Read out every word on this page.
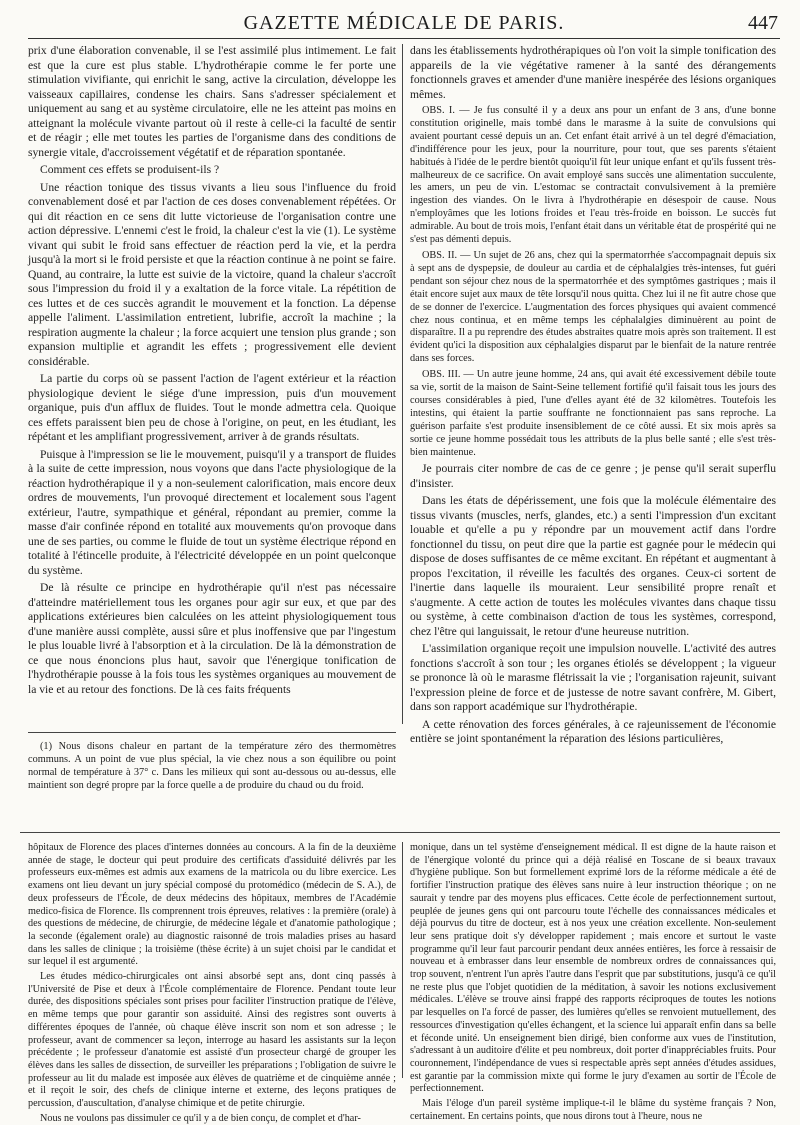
GAZETTE MÉDICALE DE PARIS.	447

prix d'une élaboration convenable, il se l'est assimilé plus intimement. Le fait est que la cure est plus stable. L'hydrothérapie comme le fer porte une stimulation vivifiante, qui enrichit le sang, active la circulation, développe les vaisseaux capillaires, condense les chairs. Sans s'adresser spécialement et uniquement au sang et au système circulatoire, elle ne les atteint pas moins en atteignant la molécule vivante partout où il reste à celle-ci la faculté de sentir et de réagir ; elle met toutes les parties de l'organisme dans des conditions de synergie vitale, d'accroissement végétatif et de réparation spontanée.

Comment ces effets se produisent-ils ?

Une réaction tonique des tissus vivants a lieu sous l'influence du froid convenablement dosé et par l'action de ces doses convenablement répétées. Or qui dit réaction en ce sens dit lutte victorieuse de l'organisation contre une action dépressive. L'ennemi c'est le froid, la chaleur c'est la vie (1). Le système vivant qui subit le froid sans effectuer de réaction perd la vie, et la perdra jusqu'à la mort si le froid persiste et que la réaction continue à ne point se faire. Quand, au contraire, la lutte est suivie de la victoire, quand la chaleur s'accroît sous l'impression du froid il y a exaltation de la force vitale. La répétition de ces luttes et de ces succès agrandit le mouvement et la fonction. La dépense appelle l'aliment. L'assimilation entretient, lubrifie, accroît la machine ; la respiration augmente la chaleur ; la force acquiert une tension plus grande ; son expansion multiplie et agrandit les effets ; progressivement elle devient considérable.

La partie du corps où se passent l'action de l'agent extérieur et la réaction physiologique devient le siége d'une impression, puis d'un mouvement organique, puis d'un afflux de fluides. Tout le monde admettra cela. Quoique ces effets paraissent bien peu de chose à l'origine, on peut, en les étudiant, les répétant et les amplifiant progressivement, arriver à de grands résultats.

Puisque à l'impression se lie le mouvement, puisqu'il y a transport de fluides à la suite de cette impression, nous voyons que dans l'acte physiologique de la réaction hydrothérapique il y a non-seulement calorification, mais encore deux ordres de mouvements, l'un provoqué directement et localement sous l'agent extérieur, l'autre, sympathique et général, répondant au premier, comme la masse d'air confinée répond en totalité aux mouvements qu'on provoque dans une de ses parties, ou comme le fluide de tout un système électrique répond en totalité à l'étincelle produite, à l'électricité développée en un point quelconque du système.

De là résulte ce principe en hydrothérapie qu'il n'est pas nécessaire d'atteindre matériellement tous les organes pour agir sur eux, et que par des applications extérieures bien calculées on les atteint physiologiquement tous d'une manière aussi complète, aussi sûre et plus inoffensive que par l'ingestum le plus louable livré à l'absorption et à la circulation. De là la démonstration de ce que nous énoncions plus haut, savoir que l'énergique tonification de l'hydrothérapie pousse à la fois tous les systèmes organiques au mouvement de la vie et au retour des fonctions. De là ces faits fréquents

dans les établissements hydrothérapiques où l'on voit la simple tonification des appareils de la vie végétative ramener à la santé des dérangements fonctionnels graves et amender d'une manière inespérée des lésions organiques mêmes.

OBS. I. — Je fus consulté il y a deux ans pour un enfant de 3 ans, d'une bonne constitution originelle, mais tombé dans le marasme à la suite de convulsions qui avaient pourtant cessé depuis un an. Cet enfant était arrivé à un tel degré d'émaciation, d'indifférence pour les jeux, pour la nourriture, pour tout, que ses parents s'étaient habitués à l'idée de le perdre bientôt quoiqu'il fût leur unique enfant et qu'ils fussent très-malheureux de ce sacrifice. On avait employé sans succès une alimentation succulente, les amers, un peu de vin. L'estomac se contractait convulsivement à la première ingestion des viandes. On le livra à l'hydrothérapie en désespoir de cause. Nous n'employâmes que les lotions froides et l'eau très-froide en boisson. Le succès fut admirable. Au bout de trois mois, l'enfant était dans un véritable état de prospérité qui ne s'est pas démenti depuis.

OBS. II. — Un sujet de 26 ans, chez qui la spermatorrhée s'accompagnait depuis six à sept ans de dyspepsie, de douleur au cardia et de céphalalgies très-intenses, fut guéri pendant son séjour chez nous de la spermatorrhée et des symptômes gastriques ; mais il était encore sujet aux maux de tête lorsqu'il nous quitta. Chez lui il ne fit autre chose que de se donner de l'exercice. L'augmentation des forces physiques qui avaient commencé chez nous continua, et en même temps les céphalalgies diminuèrent au point de disparaître. Il a pu reprendre des études abstraites quatre mois après son traitement. Il est évident qu'ici la disposition aux céphalalgies disparut par le bienfait de la nature rentrée dans ses forces.

OBS. III. — Un autre jeune homme, 24 ans, qui avait été excessivement débile toute sa vie, sortit de la maison de Saint-Seine tellement fortifié qu'il faisait tous les jours des courses considérables à pied, l'une d'elles ayant été de 32 kilomètres. Toutefois les intestins, qui étaient la partie souffrante ne fonctionnaient pas sans reproche. La guérison parfaite s'est produite insensiblement de ce côté aussi. Et six mois après sa sortie ce jeune homme possédait tous les attributs de la plus belle santé ; elle s'est très-bien maintenue.

Je pourrais citer nombre de cas de ce genre ; je pense qu'il serait superflu d'insister.

Dans les états de dépérissement, une fois que la molécule élémentaire des tissus vivants (muscles, nerfs, glandes, etc.) a senti l'impression d'un excitant louable et qu'elle a pu y répondre par un mouvement actif dans l'ordre fonctionnel du tissu, on peut dire que la partie est gagnée pour le médecin qui dispose de doses suffisantes de ce même excitant. En répétant et augmentant à propos l'excitation, il réveille les facultés des organes. Ceux-ci sortent de l'inertie dans laquelle ils mouraient. Leur sensibilité propre renaît et s'augmente. A cette action de toutes les molécules vivantes dans chaque tissu ou système, à cette combinaison d'action de tous les systèmes, correspond, chez l'être qui languissait, le retour d'une heureuse nutrition.

L'assimilation organique reçoit une impulsion nouvelle. L'activité des autres fonctions s'accroît à son tour ; les organes étiolés se développent ; la vigueur se prononce là où le marasme flétrissait la vie ; l'organisation rajeunit, suivant l'expression pleine de force et de justesse de notre savant confrère, M. Gibert, dans son rapport académique sur l'hydrothérapie.

A cette rénovation des forces générales, à ce rajeunissement de l'économie entière se joint spontanément la réparation des lésions particulières,

(1) Nous disons chaleur en partant de la température zéro des thermomètres communs. A un point de vue plus spécial, la vie chez nous a son équilibre ou point normal de température à 37° c. Dans les milieux qui sont au-dessous ou au-dessus, elle maintient son degré propre par la force quelle a de produire du chaud ou du froid.

hôpitaux de Florence des places d'internes données au concours. A la fin de la deuxième année de stage, le docteur qui peut produire des certificats d'assiduité délivrés par les professeurs eux-mêmes est admis aux examens de la matricola ou du libre exercice. Les examens ont lieu devant un jury spécial composé du protomédico (médecin de S. A.), de deux professeurs de l'École, de deux médecins des hôpitaux, membres de l'Académie medico-fisica de Florence. Ils comprennent trois épreuves, relatives : la première (orale) à des questions de médecine, de chirurgie, de médecine légale et d'anatomie pathologique ; la seconde (également orale) au diagnostic raisonné de trois maladies prises au hasard dans les salles de clinique ; la troisième (thèse écrite) à un sujet choisi par le candidat et sur lequel il est argumenté.

Les études médico-chirurgicales ont ainsi absorbé sept ans, dont cinq passés à l'Université de Pise et deux à l'École complémentaire de Florence. Pendant toute leur durée, des dispositions spéciales sont prises pour faciliter l'instruction pratique de l'élève, en même temps que pour garantir son assiduité. Ainsi des registres sont ouverts à différentes époques de l'année, où chaque élève inscrit son nom et son adresse ; le professeur, avant de commencer sa leçon, interroge au hasard les assistants sur la leçon précédente ; le professeur d'anatomie est assisté d'un prosecteur chargé de grouper les élèves dans les salles de dissection, de surveiller les préparations ; l'obligation de suivre le professeur au lit du malade est imposée aux élèves de quatrième et de cinquième année ; et il reçoit le soir, des chefs de clinique interne et externe, des leçons pratiques de percussion, d'auscultation, d'analyse chimique et de petite chirurgie.

Nous ne voulons pas dissimuler ce qu'il y a de bien conçu, de complet et d'har-

monique, dans un tel système d'enseignement médical. Il est digne de la haute raison et de l'énergique volonté du prince qui a déjà réalisé en Toscane de si beaux travaux d'hygiène publique. Son but formellement exprimé lors de la réforme médicale a été de fortifier l'instruction pratique des élèves sans nuire à leur instruction théorique ; on ne saurait y tendre par des moyens plus efficaces. Cette école de perfectionnement surtout, peuplée de jeunes gens qui ont parcouru toute l'échelle des connaissances médicales et déjà pourvus du titre de docteur, est à nos yeux une création excellente. Non-seulement leur sens pratique doit s'y développer rapidement ; mais encore et surtout le vaste programme qu'il leur faut parcourir pendant deux années entières, les force à ressaisir de nouveau et à embrasser dans leur ensemble de nombreux ordres de connaissances qui, trop souvent, n'entrent l'un après l'autre dans l'esprit que par substitutions, jusqu'à ce qu'il ne reste plus que l'objet quotidien de la méditation, à savoir les notions exclusivement médicales. L'élève se trouve ainsi frappé des rapports réciproques de toutes les notions par lesquelles on l'a forcé de passer, des lumières qu'elles se renvoient mutuellement, des ressources d'investigation qu'elles échangent, et la science lui apparaît enfin dans sa belle et féconde unité. Un enseignement bien dirigé, bien conforme aux vues de l'institution, s'adressant à un auditoire d'élite et peu nombreux, doit porter d'inappréciables fruits. Pour couronnement, l'indépendance de vues si respectable après sept années d'études assidues, est garantie par la commission mixte qui forme le jury d'examen au sortir de l'École de perfectionnement.

Mais l'éloge d'un pareil système implique-t-il le blâme du système français ? Non, certainement. En certains points, que nous dirons tout à l'heure, nous ne
